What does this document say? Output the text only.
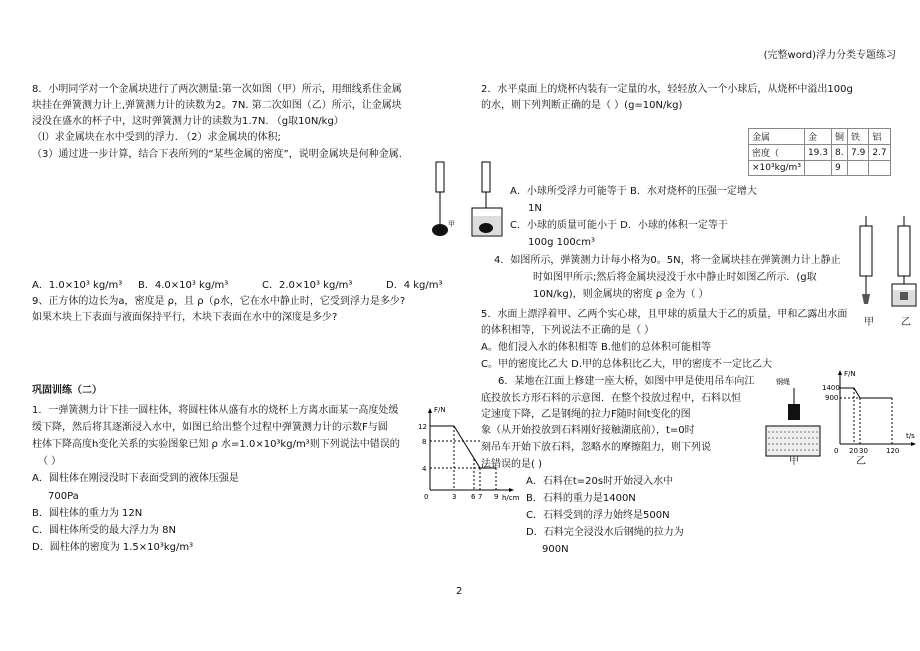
(完整word)浮力分类专题练习
8．小明同学对一个金属块进行了两次测量:第一次如图（甲）所示，用细线系住金属
块挂在弹簧测力计上,弹簧测力计的读数为2。7N. 第二次如图（乙）所示，让金属块
浸没在盛水的杯子中，这时弹簧测力计的读数为1.7N. （g取10N/kg）
（l）求金属块在水中受到的浮力. （2）求金属块的体积;
（3）通过进一步计算，结合下表所列的“某些金属的密度”，说明金属块是何种金属.
甲
A．1.0×10³ kg/m³ B．4.0×10³ kg/m³	C．2.0×10³ kg/m³	D．4 kg/m³
9、正方体的边长为a，密度是 ρ，且 ρ（ρ水，它在水中静止时，它受到浮力是多少?
如果木块上下表面与液面保持平行，木块下表面在水中的深度是多少?
巩固训练（二）
1．一弹簧测力计下挂一圆柱体，将圆柱体从盛有水的烧杯上方离水面某一高度处缓
缓下降，然后将其逐渐浸入水中，如图已给出整个过程中弹簧测力计的示数F与圆
柱体下降高度h变化关系的实验图象已知 ρ 水=1.0×10³kg/m³则下列说法中错误的
（ ）
A．圆柱体在刚浸没时下表面受到的液体压强是
700Pa
B．圆柱体的重力为 12N
C．圆柱体所受的最大浮力为 8N
D．圆柱体的密度为 1.5×10³kg/m³
F/N
h/cm
12
8
4
0	3 6 7 9
2．水平桌面上的烧杯内装有一定量的水，轻轻放入一个小球后，从烧杯中溢出100g
的水，则下列判断正确的是（ ）(g=10N/kg)
金属	金	铜	铁	铝
密度（	19.3	8.	7.9	2.7
×10³kg/m³		9		
A．小球所受浮力可能等于 B．水对烧杯的压强一定增大
1N
C．小球的质量可能小于 D．小球的体积一定等于
100g 100cm³
4．如图所示，弹簧测力计每小格为0。5N，将一金属块挂在弹簧测力计上静止
时如图甲所示;然后将金属块浸没于水中静止时如图乙所示．(g取
10N/kg)，则金属块的密度 ρ 金为（ ）
甲	乙
5．水面上漂浮着甲、乙两个实心球，且甲球的质量大于乙的质量，甲和乙露出水面
的体积相等，下列说法不正确的是（ ）
A。他们浸入水的体积相等 B.他们的总体积可能相等
C。甲的密度比乙大 D.甲的总体积比乙大，甲的密度不一定比乙大
6．某地在江面上修建一座大桥，如图中甲是使用吊车向江
底投放长方形石料的示意图．在整个投放过程中，石料以恒
定速度下降，乙是钢绳的拉力F随时间t变化的图
象（从开始投放到石料刚好接触湖底前），t=0时
刻吊车开始下放石料，忽略水的摩擦阻力，则下列说
法错误的是( )
钢绳
甲
F/N
t/s
1400
900
0 20 30	120
乙
A．石料在t=20s时开始浸入水中
B．石料的重力是1400N
C．石料受到的浮力始终是500N
D．石料完全浸没水后钢绳的拉力为
900N
2
